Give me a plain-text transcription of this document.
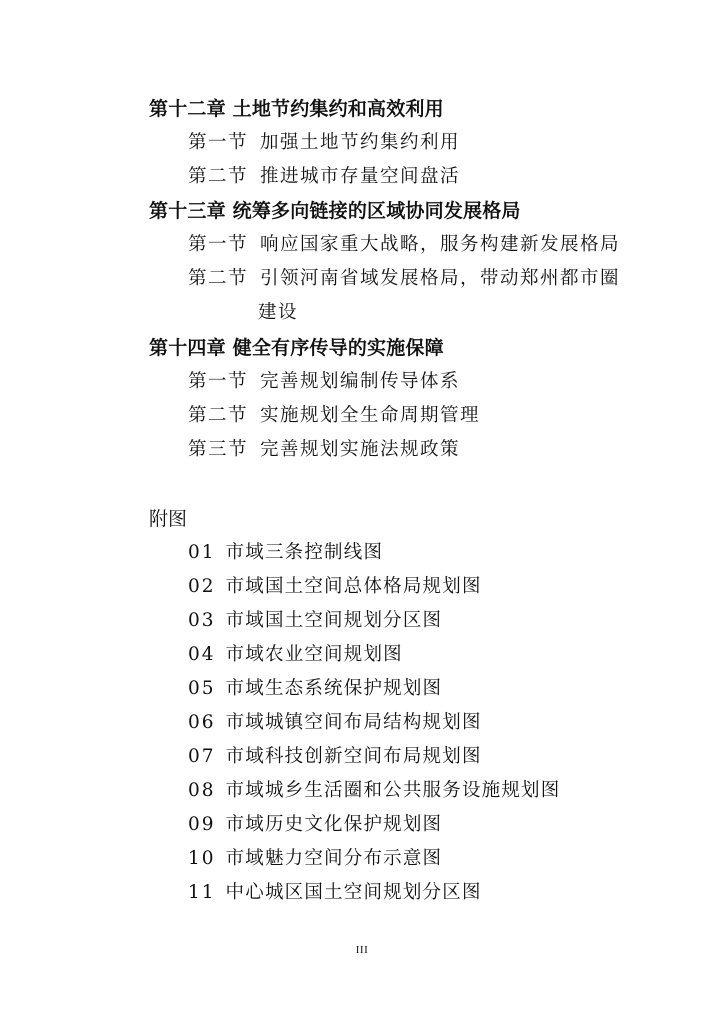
第十二章 土地节约集约和高效利用
第一节 加强土地节约集约利用
第二节 推进城市存量空间盘活
第十三章 统筹多向链接的区域协同发展格局
第一节 响应国家重大战略，服务构建新发展格局
第二节 引领河南省域发展格局，带动郑州都市圈
建设
第十四章 健全有序传导的实施保障
第一节 完善规划编制传导体系
第二节 实施规划全生命周期管理
第三节 完善规划实施法规政策
附图
01 市域三条控制线图
02 市域国土空间总体格局规划图
03 市域国土空间规划分区图
04 市域农业空间规划图
05 市域生态系统保护规划图
06 市域城镇空间布局结构规划图
07 市域科技创新空间布局规划图
08 市域城乡生活圈和公共服务设施规划图
09 市域历史文化保护规划图
10 市域魅力空间分布示意图
11 中心城区国土空间规划分区图
III
